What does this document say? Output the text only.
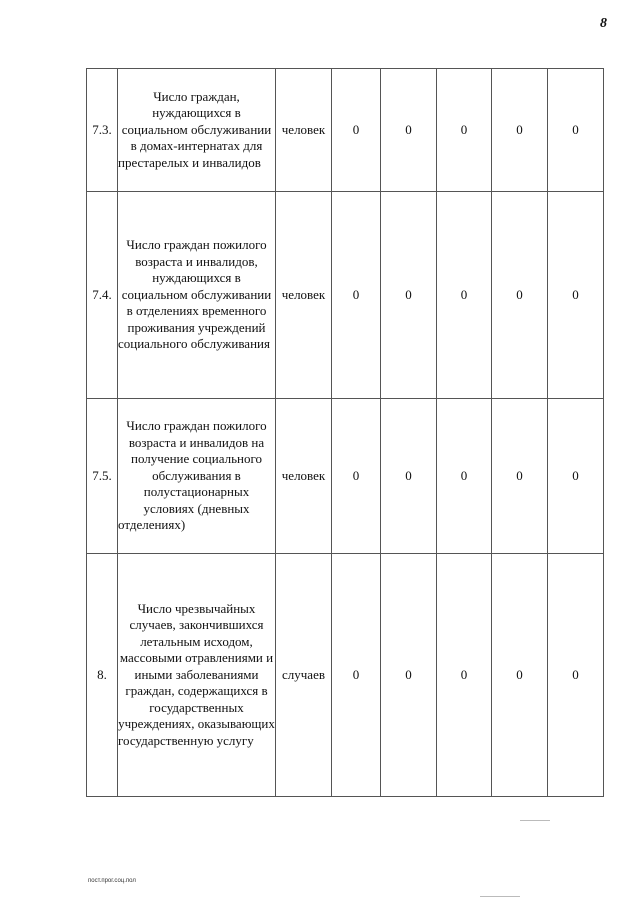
8
7.3.	Число граждан, нуждающихся в социальном обслуживании в домах-интернатах для престарелых и инвалидов	человек	0	0	0	0	0
7.4.	Число граждан пожилого возраста и инвалидов, нуждающихся в социальном обслуживании в отделениях временного проживания учреждений социального обслуживания	человек	0	0	0	0	0
7.5.	Число граждан пожилого возраста и инвалидов на получение социального обслуживания в полустационарных условиях (дневных отделениях)	человек	0	0	0	0	0
8.	Число чрезвычайных случаев, закончившихся летальным исходом, массовыми отравлениями и иными заболеваниями граждан, содержащихся в государственных учреждениях, оказывающих государственную услугу	случаев	0	0	0	0	0
пост.прог.соц.пол
